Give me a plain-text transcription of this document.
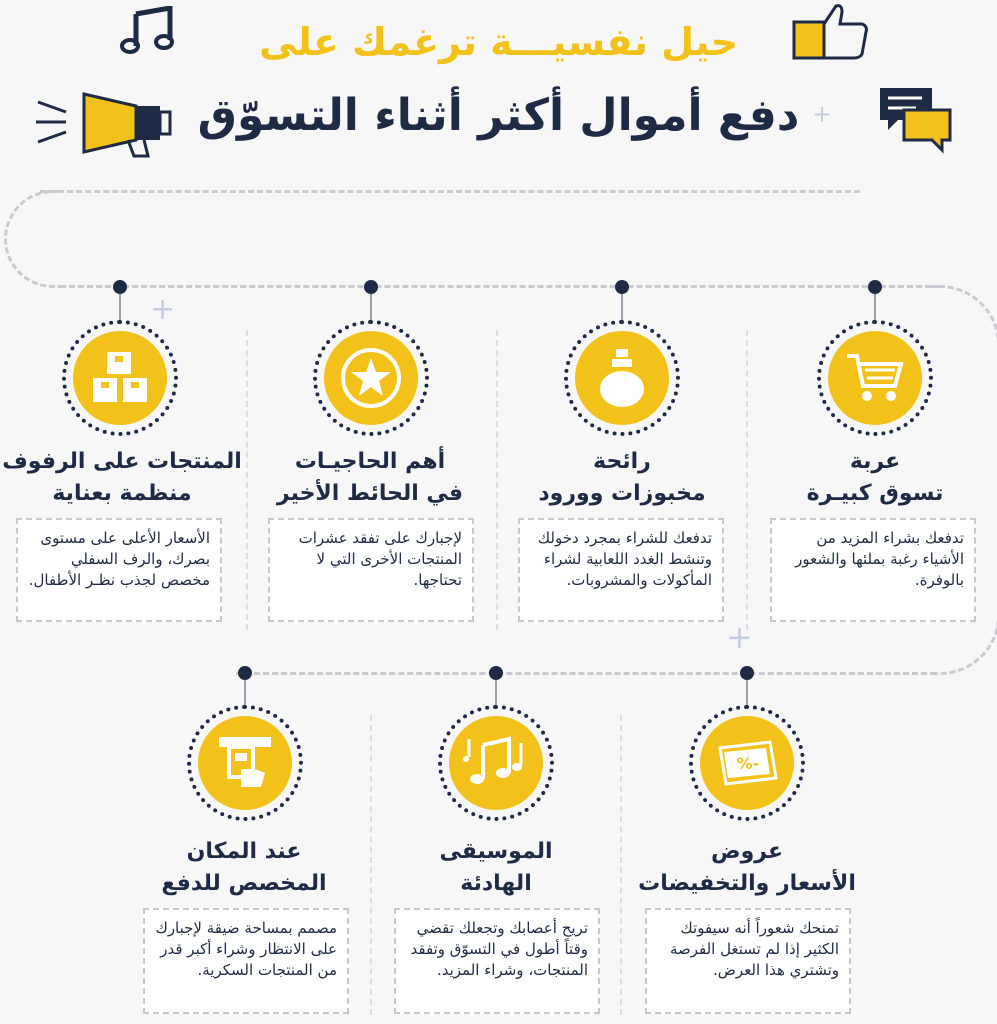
حيل نفسيـــة ترغمك على
دفع أموال أكثر أثناء التسوّق
عربة
تسوق كبيـرة
تدفعك بشراء المزيد من الأشياء رغبة بملئها والشعور بالوفرة.
رائحة
مخبوزات وورود
تدفعك للشراء بمجرد دخولك وتنشط الغدد اللعابية لشراء المأكولات والمشروبات.
أهم الحاجيـات
في الحائط الأخير
لإجبارك على تفقد عشرات المنتجات الأخرى التي لا تحتاجها.
المنتجات على الرفوف
منظمة بعناية
الأسعار الأعلى على مستوى بصرك، والرف السفلي مخصص لجذب نظـر الأطفال.
-%
عروض
الأسعار والتخفيضات
تمنحك شعوراً أنه سيفوتك الكثير إذا لم تستغل الفرصة وتشتري هذا العرض.
الموسيقى
الهادئة
تريح أعصابك وتجعلك تقضي وقتاً أطول في التسوّق وتفقد المنتجات، وشراء المزيد.
عند المكان
المخصص للدفع
مصمم بمساحة ضيقة لإجبارك على الانتظار وشراء أكبر قدر من المنتجات السكرية.
+
+
+
